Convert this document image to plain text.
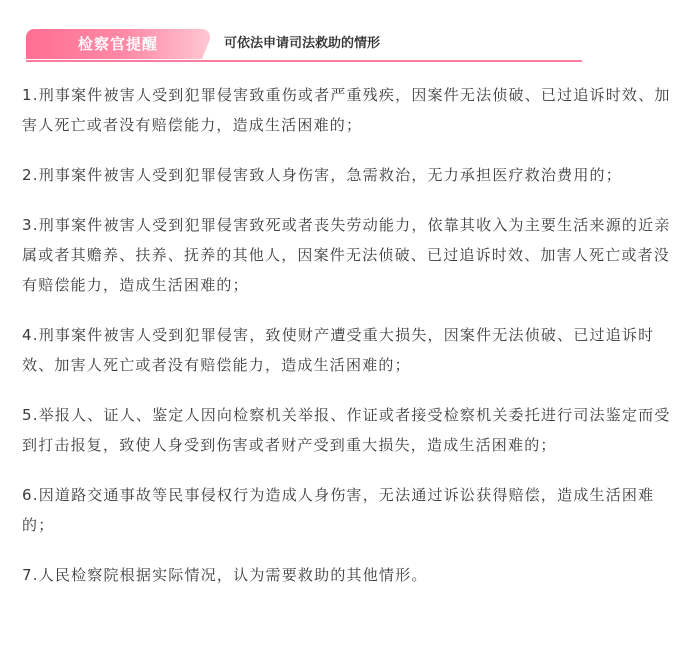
检察官提醒	可依法申请司法救助的情形

1.刑事案件被害人受到犯罪侵害致重伤或者严重残疾，因案件无法侦破、已过追诉时效、加害人死亡或者没有赔偿能力，造成生活困难的；

2.刑事案件被害人受到犯罪侵害致人身伤害，急需救治，无力承担医疗救治费用的；

3.刑事案件被害人受到犯罪侵害致死或者丧失劳动能力，依靠其收入为主要生活来源的近亲属或者其赡养、扶养、抚养的其他人，因案件无法侦破、已过追诉时效、加害人死亡或者没有赔偿能力，造成生活困难的；

4.刑事案件被害人受到犯罪侵害，致使财产遭受重大损失，因案件无法侦破、已过追诉时效、加害人死亡或者没有赔偿能力，造成生活困难的；

5.举报人、证人、鉴定人因向检察机关举报、作证或者接受检察机关委托进行司法鉴定而受到打击报复，致使人身受到伤害或者财产受到重大损失，造成生活困难的；

6.因道路交通事故等民事侵权行为造成人身伤害，无法通过诉讼获得赔偿，造成生活困难的；

7.人民检察院根据实际情况，认为需要救助的其他情形。
